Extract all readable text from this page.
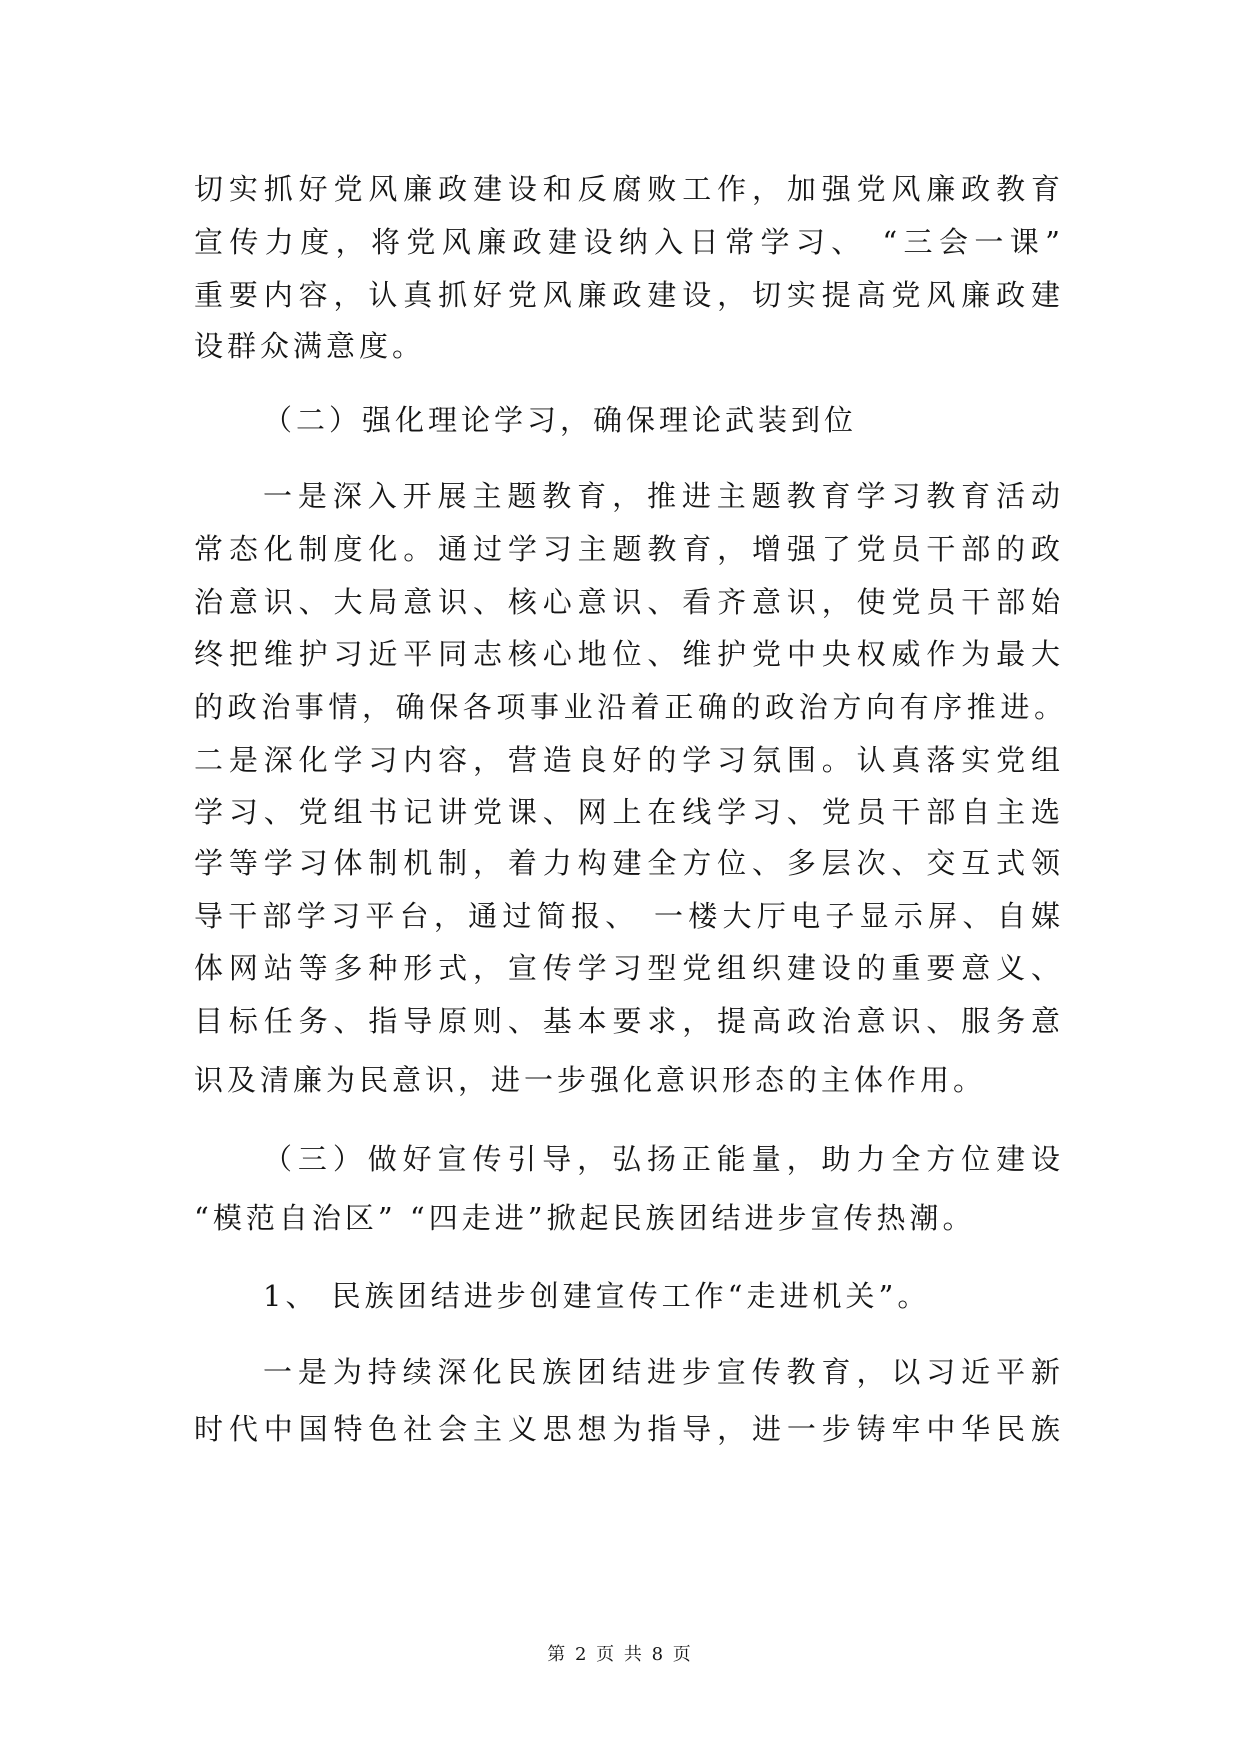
切实抓好党风廉政建设和反腐败工作，加强党风廉政教育
宣传力度，将党风廉政建设纳入日常学习、 “三会一课”
重要内容，认真抓好党风廉政建设，切实提高党风廉政建
设群众满意度。
（二）强化理论学习，确保理论武装到位
一是深入开展主题教育，推进主题教育学习教育活动
常态化制度化。通过学习主题教育，增强了党员干部的政
治意识、大局意识、核心意识、看齐意识，使党员干部始
终把维护习近平同志核心地位、维护党中央权威作为最大
的政治事情，确保各项事业沿着正确的政治方向有序推进。
二是深化学习内容，营造良好的学习氛围。认真落实党组
学习、党组书记讲党课、网上在线学习、党员干部自主选
学等学习体制机制，着力构建全方位、多层次、交互式领
导干部学习平台，通过简报、 一楼大厅电子显示屏、自媒
体网站等多种形式，宣传学习型党组织建设的重要意义、
目标任务、指导原则、基本要求，提高政治意识、服务意
识及清廉为民意识，进一步强化意识形态的主体作用。
（三）做好宣传引导，弘扬正能量，助力全方位建设
“模范自治区” “四走进”掀起民族团结进步宣传热潮。
1、 民族团结进步创建宣传工作“走进机关”。
一是为持续深化民族团结进步宣传教育，以习近平新
时代中国特色社会主义思想为指导，进一步铸牢中华民族
第 2 页 共 8 页
